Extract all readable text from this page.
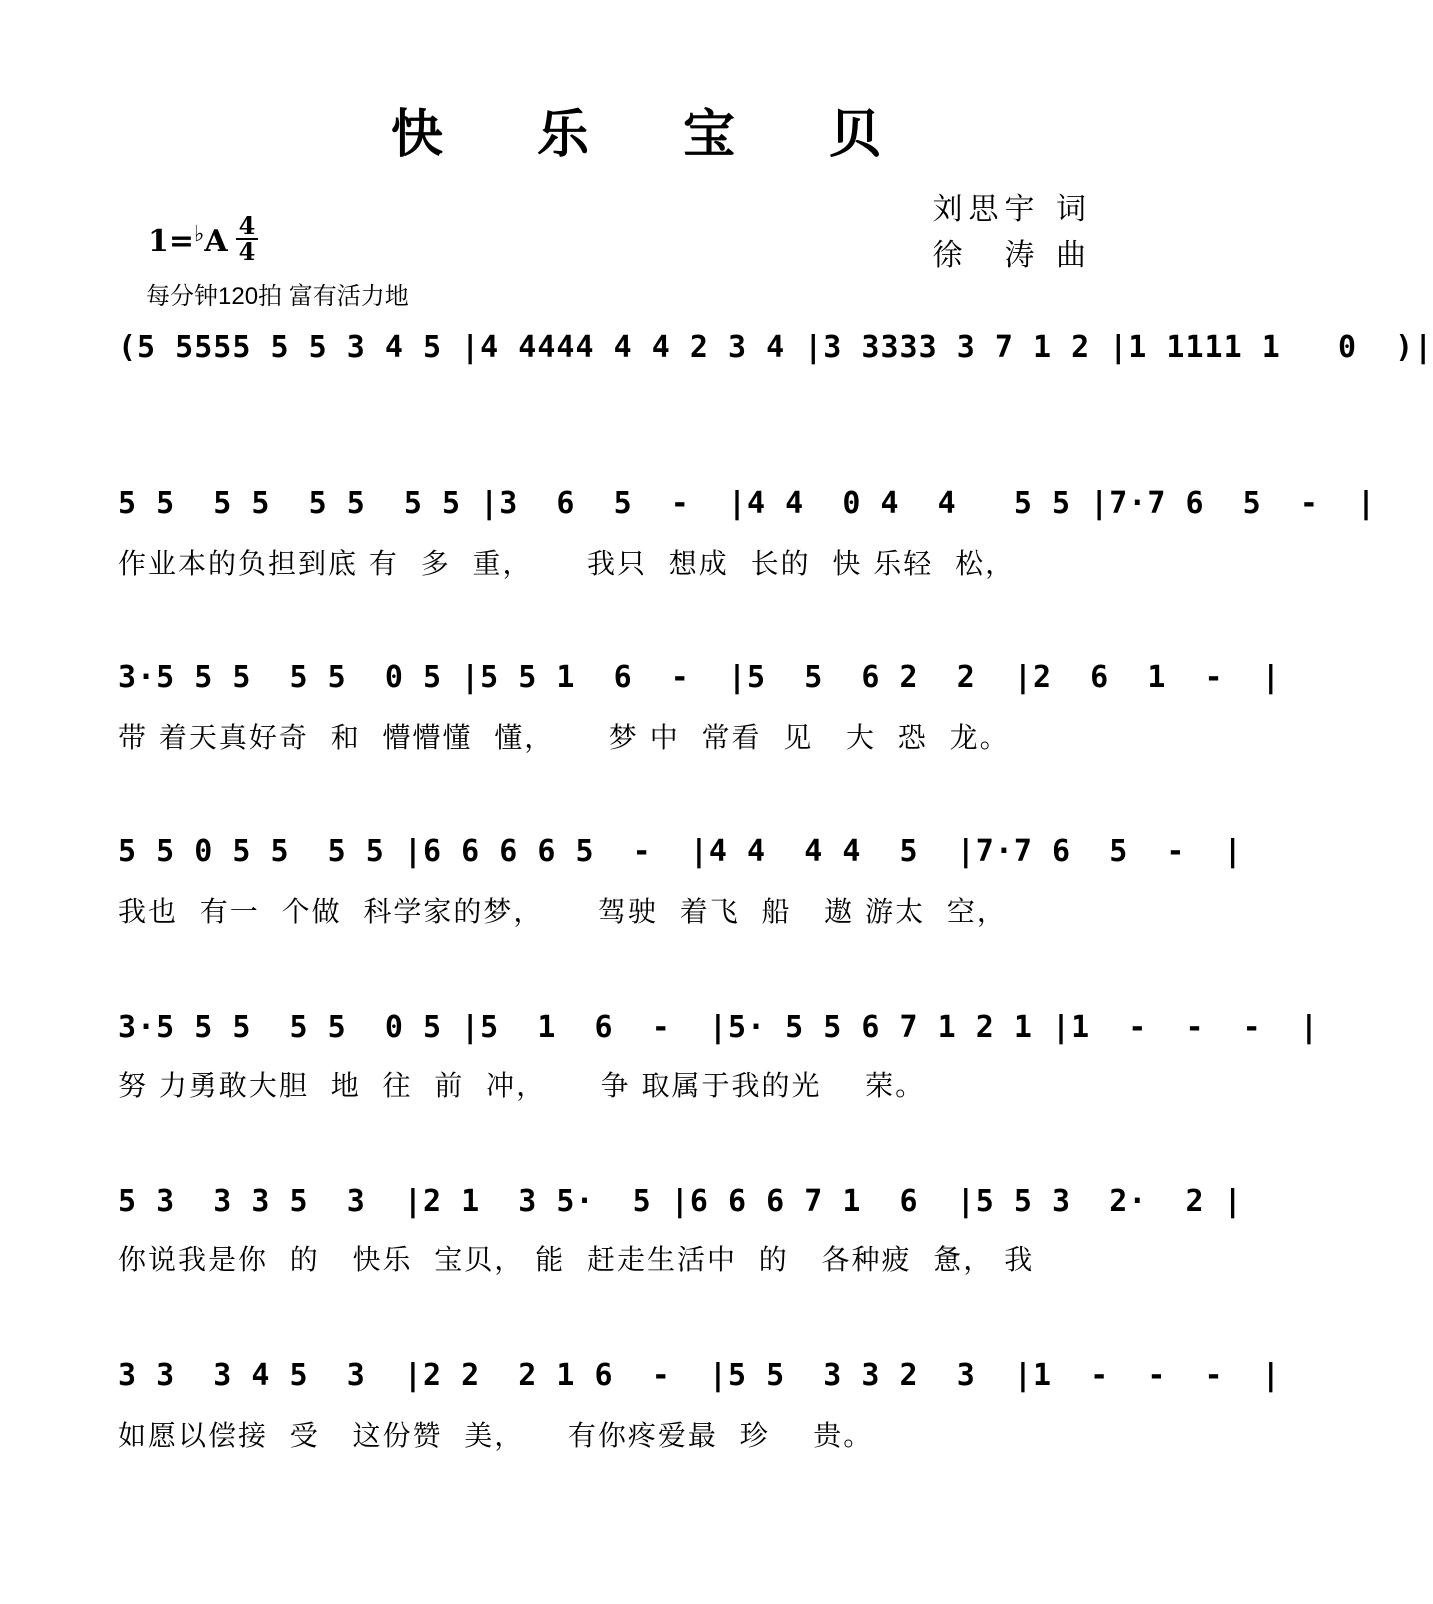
快 乐 宝 贝
刘思宇 词
徐　涛 曲
1=♭A 4
4
每分钟120拍 富有活力地
(5 5555 5 5 3 4 5 |4 4444 4 4 2 3 4 |3 3333 3 7 1 2 |1 1111 1   0  )|
5 5  5 5  5 5  5 5 |3  6  5  -  |4 4  0 4  4   5 5 |7·7 6  5  -  |
作业本的负担到底 有  多  重，     我只  想成  长的  快 乐轻  松，
3·5 5 5  5 5  0 5 |5 5 1  6  -  |5  5  6 2  2  |2  6  1  -  |
带 着天真好奇  和  懵懵懂  懂，     梦 中  常看  见   大  恐  龙。
5 5 0 5 5  5 5 |6 6 6 6 5  -  |4 4  4 4  5  |7·7 6  5  -  |
我也  有一  个做  科学家的梦，     驾驶  着飞  船   遨 游太  空，
3·5 5 5  5 5  0 5 |5  1  6  -  |5· 5 5 6 7 1 2 1 |1  -  -  -  |
努 力勇敢大胆  地  往  前  冲，     争 取属于我的光    荣。
5 3  3 3 5  3  |2 1  3 5·  5 |6 6 6 7 1  6  |5 5 3  2·  2 |
你说我是你  的   快乐  宝贝， 能  赶走生活中  的   各种疲  惫， 我
3 3  3 4 5  3  |2 2  2 1 6  -  |5 5  3 3 2  3  |1  -  -  -  |
如愿以偿接  受   这份赞  美，    有你疼爱最  珍    贵。
